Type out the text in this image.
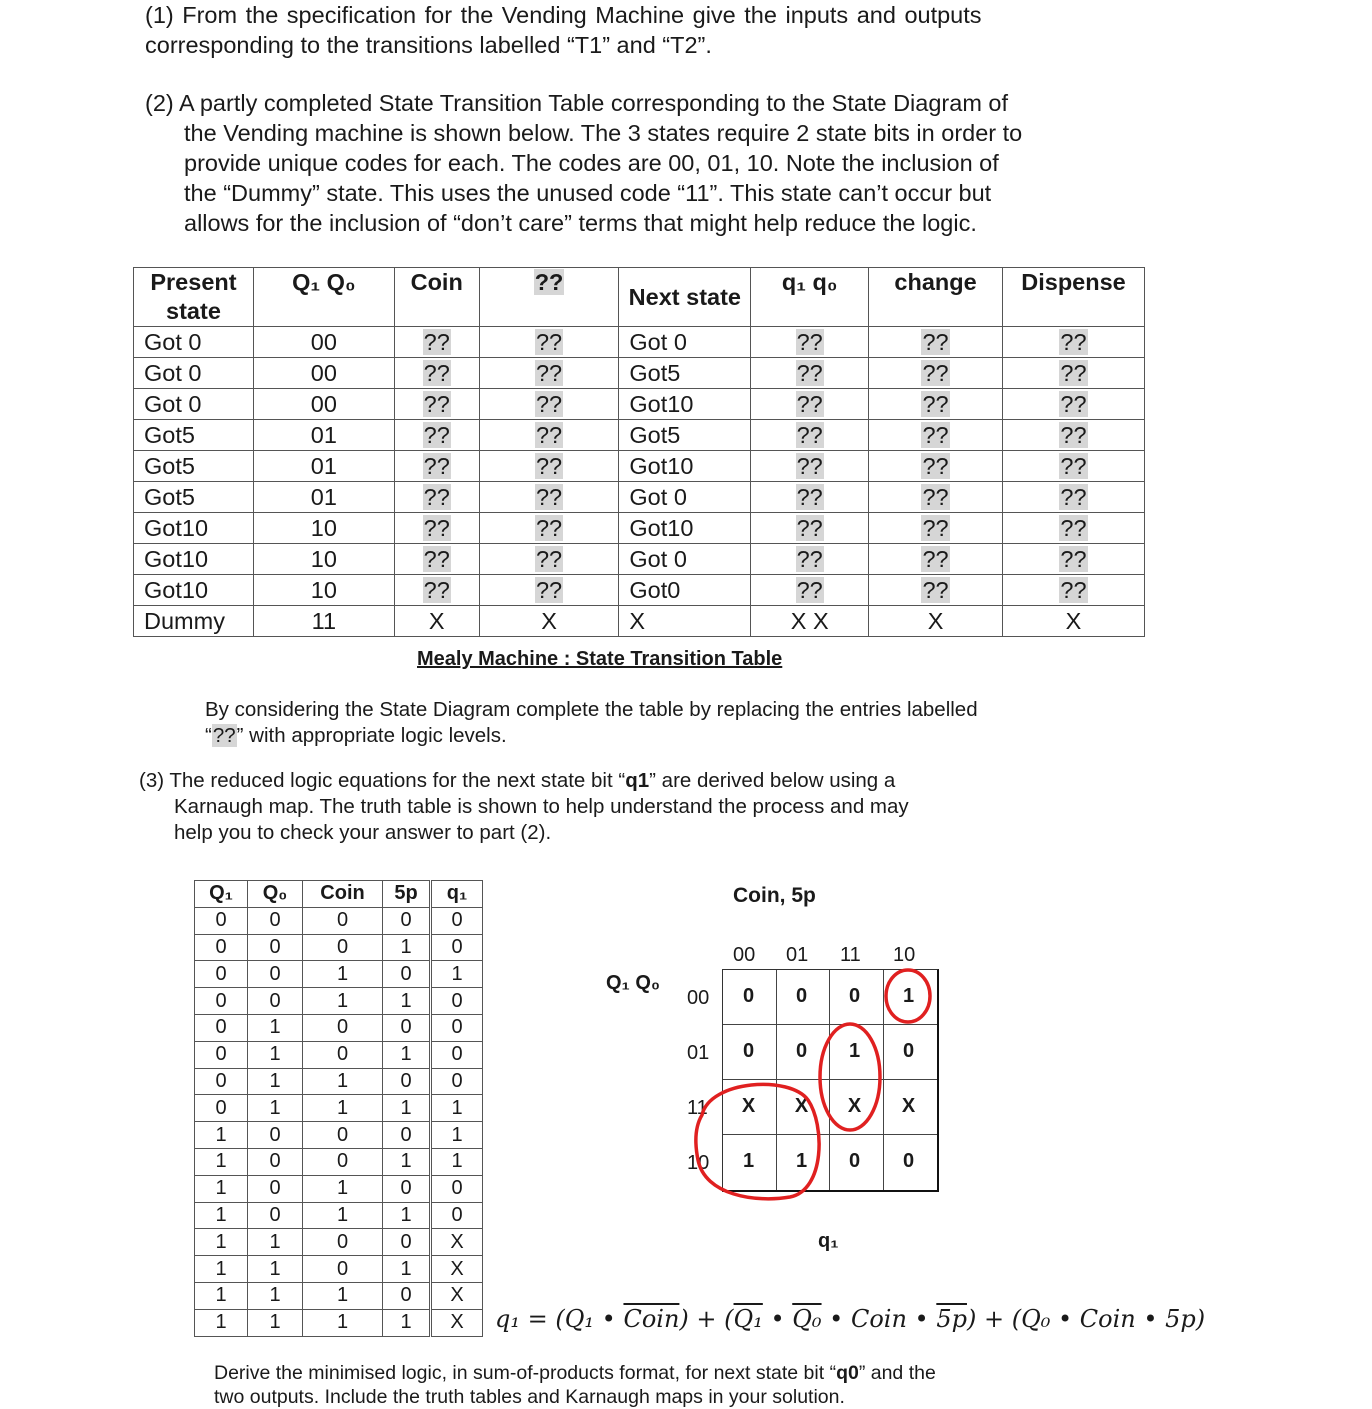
(1) From the specification for the Vending Machine give the inputs and outputs
corresponding to the transitions labelled “T1” and “T2”.
(2) A partly completed State Transition Table corresponding to the State Diagram of
the Vending machine is shown below. The 3 states require 2 state bits in order to
provide unique codes for each. The codes are 00, 01, 10. Note the inclusion of
the “Dummy” state. This uses the unused code “11”. This state can’t occur but
allows for the inclusion of “don’t care” terms that might help reduce the logic.
Present state	Q₁ Q₀	Coin	??	Next state	q₁ q₀	change	Dispense
Got 0	00	??	??	Got 0	??	??	??
Got 0	00	??	??	Got5	??	??	??
Got 0	00	??	??	Got10	??	??	??
Got5	01	??	??	Got5	??	??	??
Got5	01	??	??	Got10	??	??	??
Got5	01	??	??	Got 0	??	??	??
Got10	10	??	??	Got10	??	??	??
Got10	10	??	??	Got 0	??	??	??
Got10	10	??	??	Got0	??	??	??
Dummy	11	X	X	X	X X	X	X
Mealy Machine : State Transition Table
By considering the State Diagram complete the table by replacing the entries labelled
“??” with appropriate logic levels.
(3) The reduced logic equations for the next state bit “q1” are derived below using a
Karnaugh map. The truth table is shown to help understand the process and may
help you to check your answer to part (2).
Q₁	Q₀	Coin	5p	q₁
0	0	0	0	0
0	0	0	1	0
0	0	1	0	1
0	0	1	1	0
0	1	0	0	0
0	1	0	1	0
0	1	1	0	0
0	1	1	1	1
1	0	0	0	1
1	0	0	1	1
1	0	1	0	0
1	0	1	1	0
1	1	0	0	X
1	1	0	1	X
1	1	1	0	X
1	1	1	1	X
Coin, 5p
Q₁ Q₀
00 01 11 10
00
01
11
10
0	0	0	1
0	0	1	0
X	X	X	X
1	1	0	0
q₁
q₁ = (Q₁ • Coin) + (Q₁ • Q₀ • Coin • 5p) + (Q₀ • Coin • 5p)
Derive the minimised logic, in sum-of-products format, for next state bit “q0” and the
two outputs. Include the truth tables and Karnaugh maps in your solution.
